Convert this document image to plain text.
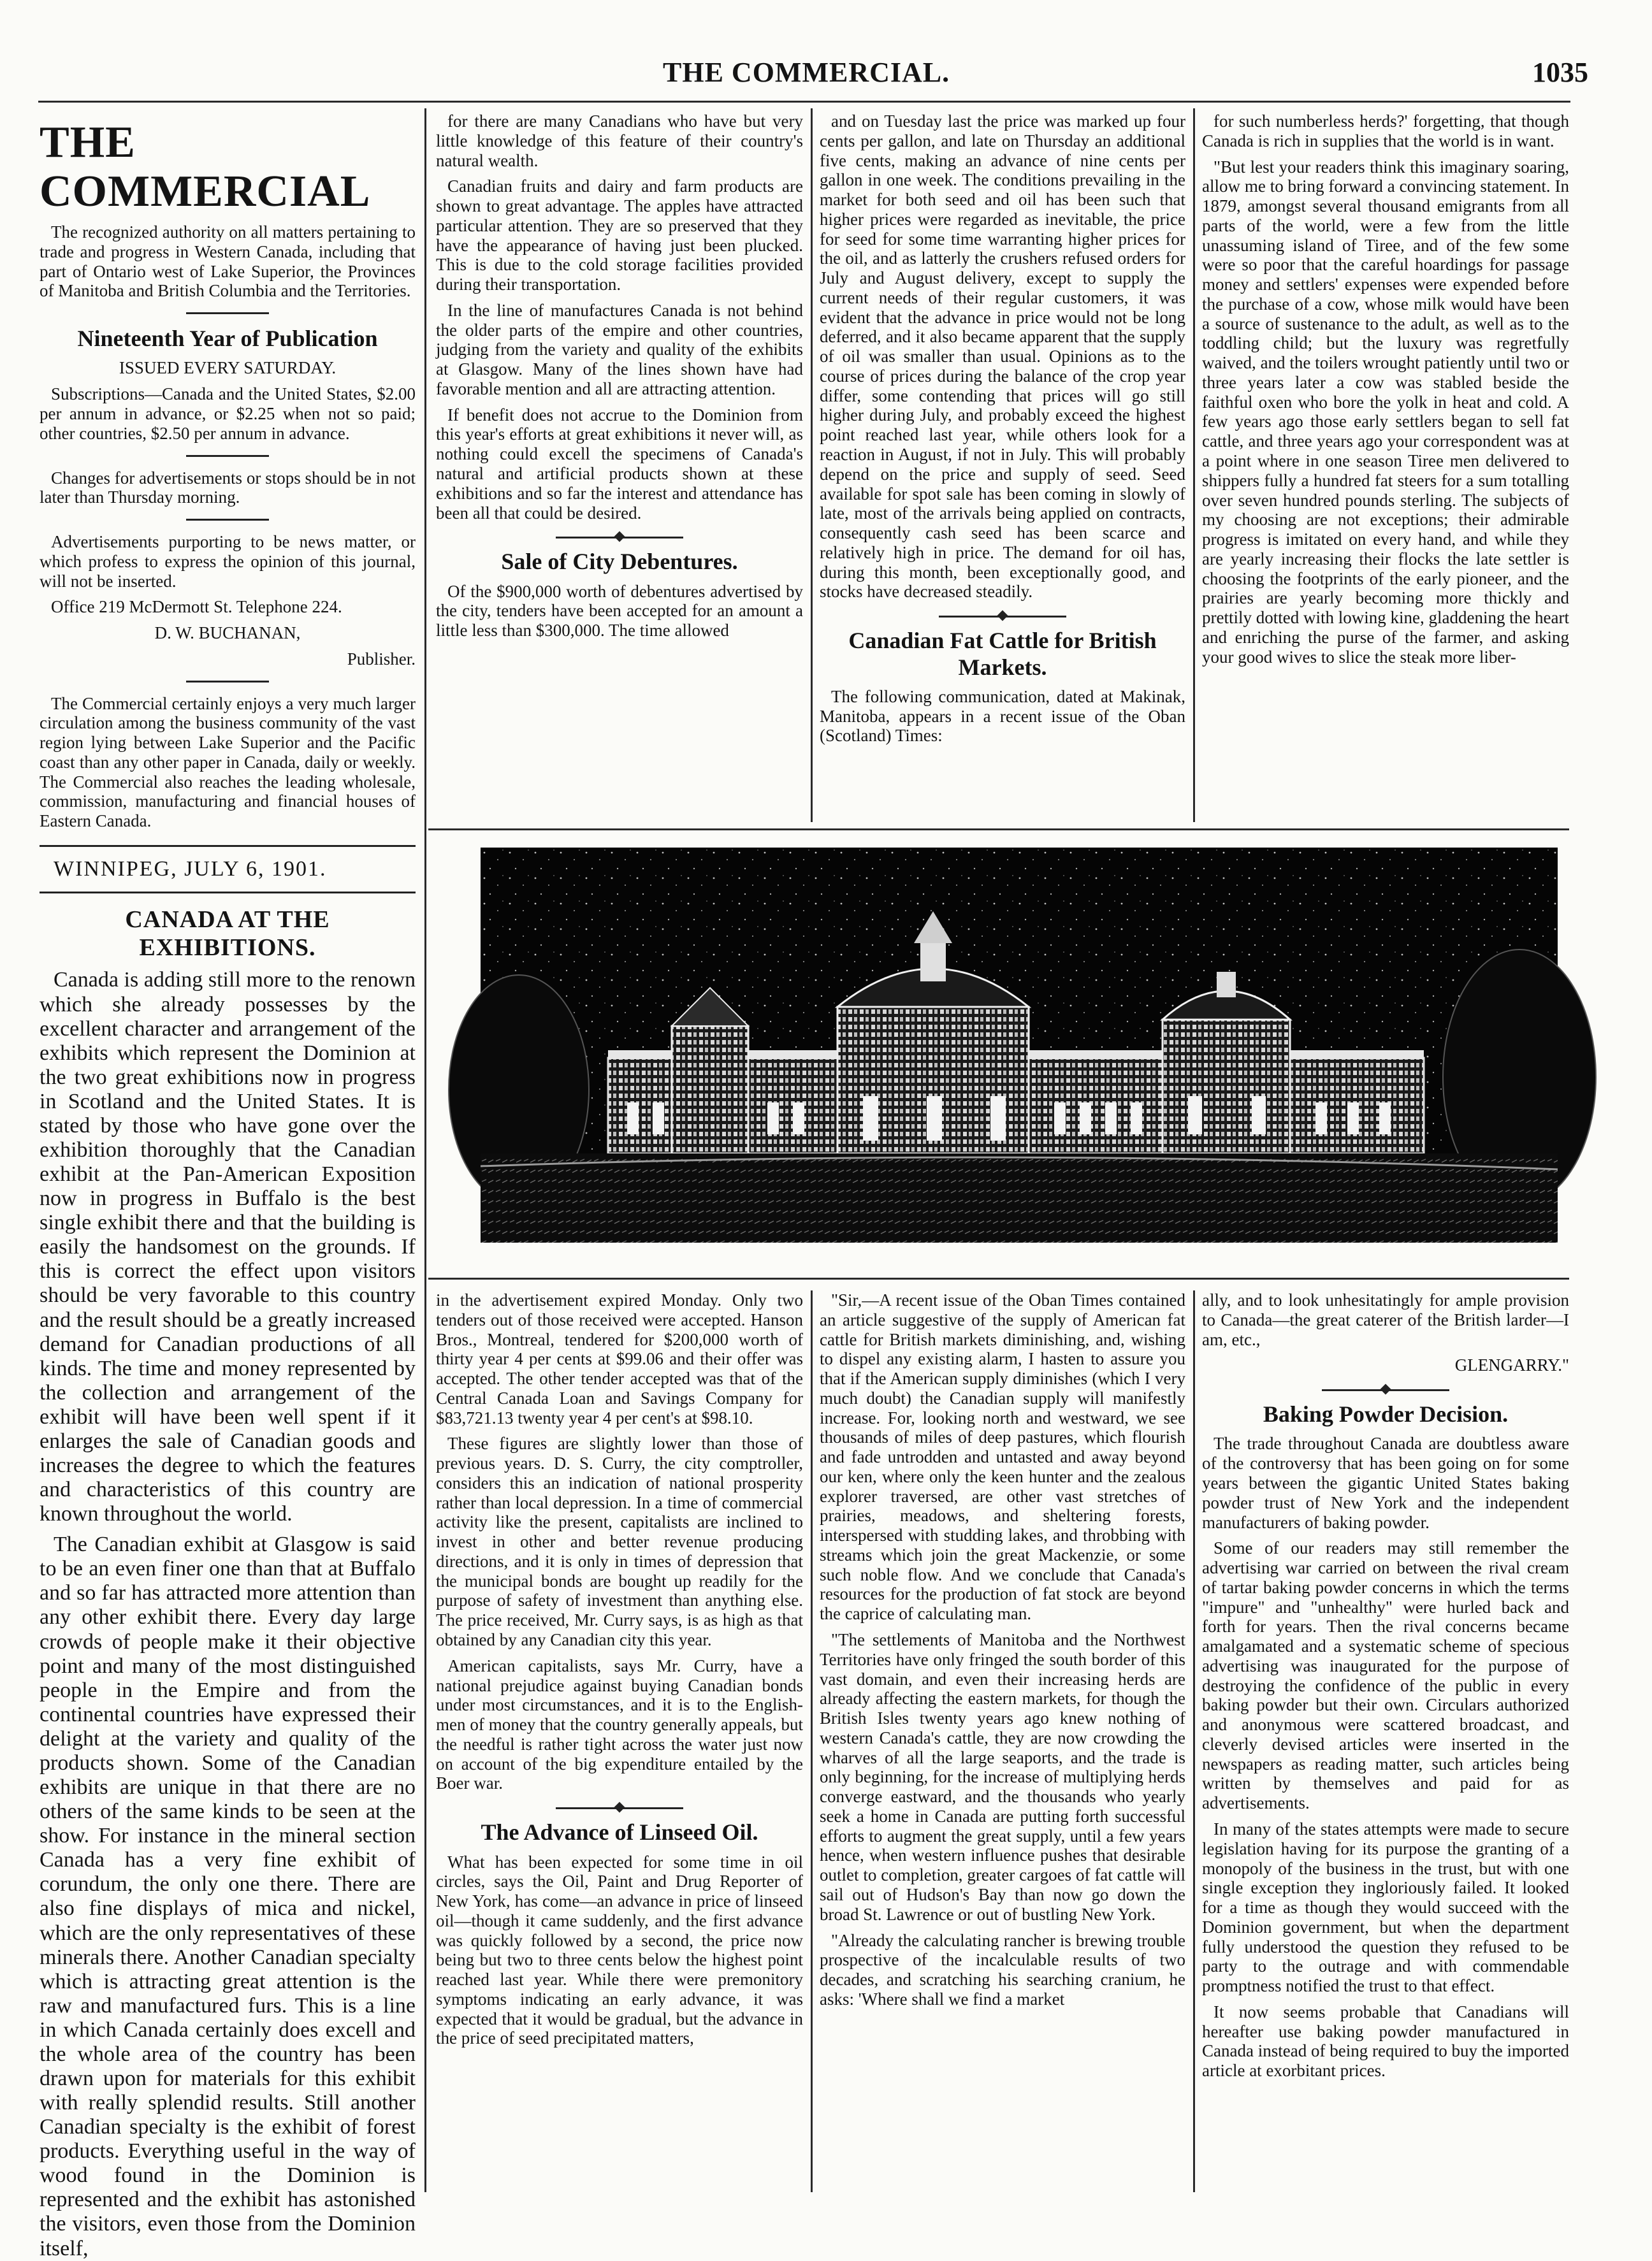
THE COMMERCIAL.	1035
THE COMMERCIAL

The recognized authority on all matters pertaining to trade and progress in Western Canada, including that part of Ontario west of Lake Superior, the Provinces of Manitoba and British Columbia and the Territories.

Nineteenth Year of Publication

ISSUED EVERY SATURDAY.

Subscriptions—Canada and the United States, $2.00 per annum in advance, or $2.25 when not so paid; other countries, $2.50 per annum in advance.

Changes for advertisements or stops should be in not later than Thursday morning.

Advertisements purporting to be news matter, or which profess to express the opinion of this journal, will not be inserted.

Office 219 McDermott St. Telephone 224.

D. W. BUCHANAN,

Publisher.

The Commercial certainly enjoys a very much larger circulation among the business community of the vast region lying between Lake Superior and the Pacific coast than any other paper in Canada, daily or weekly. The Commercial also reaches the leading wholesale, commission, manufacturing and financial houses of Eastern Canada.

WINNIPEG, JULY 6, 1901.

CANADA AT THE EXHIBITIONS.

Canada is adding still more to the renown which she already possesses by the excellent character and arrangement of the exhibits which represent the Dominion at the two great exhibitions now in progress in Scotland and the United States. It is stated by those who have gone over the exhibition thoroughly that the Canadian exhibit at the Pan-American Exposition now in progress in Buffalo is the best single exhibit there and that the building is easily the handsomest on the grounds. If this is correct the effect upon visitors should be very favorable to this country and the result should be a greatly increased demand for Canadian productions of all kinds. The time and money represented by the collection and arrangement of the exhibit will have been well spent if it enlarges the sale of Canadian goods and increases the degree to which the features and characteristics of this country are known throughout the world.

The Canadian exhibit at Glasgow is said to be an even finer one than that at Buffalo and so far has attracted more attention than any other exhibit there. Every day large crowds of people make it their objective point and many of the most distinguished people in the Empire and from the continental countries have expressed their delight at the variety and quality of the products shown. Some of the Canadian exhibits are unique in that there are no others of the same kinds to be seen at the show. For instance in the mineral section Canada has a very fine exhibit of corundum, the only one there. There are also fine displays of mica and nickel, which are the only representatives of these minerals there. Another Canadian specialty which is attracting great attention is the raw and manufactured furs. This is a line in which Canada certainly does excell and the whole area of the country has been drawn upon for materials for this exhibit with really splendid results. Still another Canadian specialty is the exhibit of forest products. Everything useful in the way of wood found in the Dominion is represented and the exhibit has astonished the visitors, even those from the Dominion itself,

for there are many Canadians who have but very little knowledge of this feature of their country's natural wealth.

Canadian fruits and dairy and farm products are shown to great advantage. The apples have attracted particular attention. They are so preserved that they have the appearance of having just been plucked. This is due to the cold storage facilities provided during their transportation.

In the line of manufactures Canada is not behind the older parts of the empire and other countries, judging from the variety and quality of the exhibits at Glasgow. Many of the lines shown have had favorable mention and all are attracting attention.

If benefit does not accrue to the Dominion from this year's efforts at great exhibitions it never will, as nothing could excell the specimens of Canada's natural and artificial products shown at these exhibitions and so far the interest and attendance has been all that could be desired.

Sale of City Debentures.

Of the $900,000 worth of debentures advertised by the city, tenders have been accepted for an amount a little less than $300,000. The time allowed

and on Tuesday last the price was marked up four cents per gallon, and late on Thursday an additional five cents, making an advance of nine cents per gallon in one week. The conditions prevailing in the market for both seed and oil has been such that higher prices were regarded as inevitable, the price for seed for some time warranting higher prices for the oil, and as latterly the crushers refused orders for July and August delivery, except to supply the current needs of their regular customers, it was evident that the advance in price would not be long deferred, and it also became apparent that the supply of oil was smaller than usual. Opinions as to the course of prices during the balance of the crop year differ, some contending that prices will go still higher during July, and probably exceed the highest point reached last year, while others look for a reaction in August, if not in July. This will probably depend on the price and supply of seed. Seed available for spot sale has been coming in slowly of late, most of the arrivals being applied on contracts, consequently cash seed has been scarce and relatively high in price. The demand for oil has, during this month, been exceptionally good, and stocks have decreased steadily.

Canadian Fat Cattle for British Markets.

The following communication, dated at Makinak, Manitoba, appears in a recent issue of the Oban (Scotland) Times:

for such numberless herds?' forgetting, that though Canada is rich in supplies that the world is in want.

"But lest your readers think this imaginary soaring, allow me to bring forward a convincing statement. In 1879, amongst several thousand emigrants from all parts of the world, were a few from the little unassuming island of Tiree, and of the few some were so poor that the careful hoardings for passage money and settlers' expenses were expended before the purchase of a cow, whose milk would have been a source of sustenance to the adult, as well as to the toddling child; but the luxury was regretfully waived, and the toilers wrought patiently until two or three years later a cow was stabled beside the faithful oxen who bore the yolk in heat and cold. A few years ago those early settlers began to sell fat cattle, and three years ago your correspondent was at a point where in one season Tiree men delivered to shippers fully a hundred fat steers for a sum totalling over seven hundred pounds sterling. The subjects of my choosing are not exceptions; their admirable progress is imitated on every hand, and while they are yearly increasing their flocks the late settler is choosing the footprints of the early pioneer, and the prairies are yearly becoming more thickly and prettily dotted with lowing kine, gladdening the heart and enriching the purse of the farmer, and asking your good wives to slice the steak more liber-

in the advertisement expired Monday. Only two tenders out of those received were accepted. Hanson Bros., Montreal, tendered for $200,000 worth of thirty year 4 per cents at $99.06 and their offer was accepted. The other tender accepted was that of the Central Canada Loan and Savings Company for $83,721.13 twenty year 4 per cent's at $98.10.

These figures are slightly lower than those of previous years. D. S. Curry, the city comptroller, considers this an indication of national prosperity rather than local depression. In a time of commercial activity like the present, capitalists are inclined to invest in other and better revenue producing directions, and it is only in times of depression that the municipal bonds are bought up readily for the purpose of safety of investment than anything else. The price received, Mr. Curry says, is as high as that obtained by any Canadian city this year.

American capitalists, says Mr. Curry, have a national prejudice against buying Canadian bonds under most circumstances, and it is to the English-men of money that the country generally appeals, but the needful is rather tight across the water just now on account of the big expenditure entailed by the Boer war.

The Advance of Linseed Oil.

What has been expected for some time in oil circles, says the Oil, Paint and Drug Reporter of New York, has come—an advance in price of linseed oil—though it came suddenly, and the first advance was quickly followed by a second, the price now being but two to three cents below the highest point reached last year. While there were premonitory symptoms indicating an early advance, it was expected that it would be gradual, but the advance in the price of seed precipitated matters,

"Sir,—A recent issue of the Oban Times contained an article suggestive of the supply of American fat cattle for British markets diminishing, and, wishing to dispel any existing alarm, I hasten to assure you that if the American supply diminishes (which I very much doubt) the Canadian supply will manifestly increase. For, looking north and westward, we see thousands of miles of deep pastures, which flourish and fade untrodden and untasted and away beyond our ken, where only the keen hunter and the zealous explorer traversed, are other vast stretches of prairies, meadows, and sheltering forests, interspersed with studding lakes, and throbbing with streams which join the great Mackenzie, or some such noble flow. And we conclude that Canada's resources for the production of fat stock are beyond the caprice of calculating man.

"The settlements of Manitoba and the Northwest Territories have only fringed the south border of this vast domain, and even their increasing herds are already affecting the eastern markets, for though the British Isles twenty years ago knew nothing of western Canada's cattle, they are now crowding the wharves of all the large seaports, and the trade is only beginning, for the increase of multiplying herds converge eastward, and the thousands who yearly seek a home in Canada are putting forth successful efforts to augment the great supply, until a few years hence, when western influence pushes that desirable outlet to completion, greater cargoes of fat cattle will sail out of Hudson's Bay than now go down the broad St. Lawrence or out of bustling New York.

"Already the calculating rancher is brewing trouble prospective of the incalculable results of two decades, and scratching his searching cranium, he asks: 'Where shall we find a market

ally, and to look unhesitatingly for ample provision to Canada—the great caterer of the British larder—I am, etc.,

GLENGARRY."

Baking Powder Decision.

The trade throughout Canada are doubtless aware of the controversy that has been going on for some years between the gigantic United States baking powder trust of New York and the independent manufacturers of baking powder.

Some of our readers may still remember the advertising war carried on between the rival cream of tartar baking powder concerns in which the terms "impure" and "unhealthy" were hurled back and forth for years. Then the rival concerns became amalgamated and a systematic scheme of specious advertising was inaugurated for the purpose of destroying the confidence of the public in every baking powder but their own. Circulars authorized and anonymous were scattered broadcast, and cleverly devised articles were inserted in the newspapers as reading matter, such articles being written by themselves and paid for as advertisements.

In many of the states attempts were made to secure legislation having for its purpose the granting of a monopoly of the business in the trust, but with one single exception they ingloriously failed. It looked for a time as though they would succeed with the Dominion government, but when the department fully understood the question they refused to be party to the outrage and with commendable promptness notified the trust to that effect.

It now seems probable that Canadians will hereafter use baking powder manufactured in Canada instead of being required to buy the imported article at exorbitant prices.
